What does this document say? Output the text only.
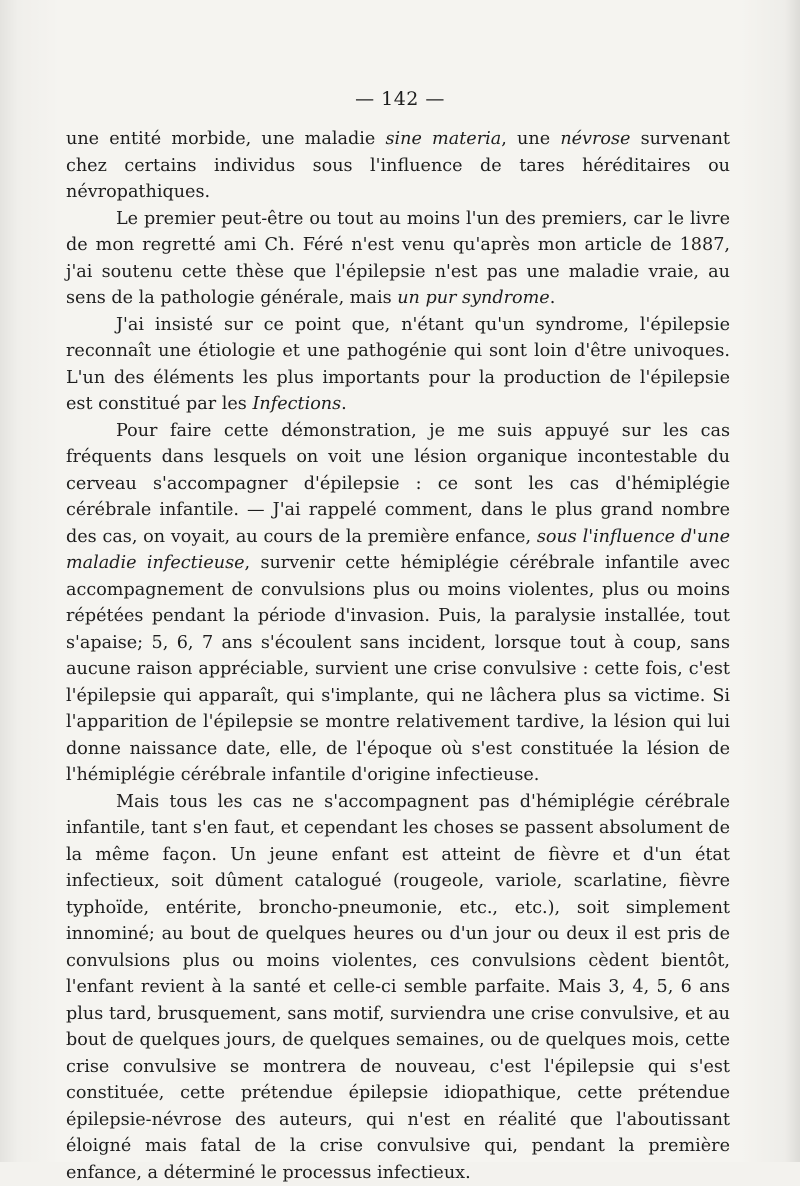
— 142 —

une entité morbide, une maladie sine materia, une névrose survenant chez certains individus sous l'influence de tares héréditaires ou névropathiques.

Le premier peut-être ou tout au moins l'un des premiers, car le livre de mon regretté ami Ch. Féré n'est venu qu'après mon article de 1887, j'ai soutenu cette thèse que l'épilepsie n'est pas une maladie vraie, au sens de la pathologie générale, mais un pur syndrome.

J'ai insisté sur ce point que, n'étant qu'un syndrome, l'épilepsie reconnaît une étiologie et une pathogénie qui sont loin d'être univoques. L'un des éléments les plus importants pour la production de l'épilepsie est constitué par les Infections.

Pour faire cette démonstration, je me suis appuyé sur les cas fréquents dans lesquels on voit une lésion organique incontestable du cerveau s'accompagner d'épilepsie : ce sont les cas d'hémiplégie cérébrale infantile. — J'ai rappelé comment, dans le plus grand nombre des cas, on voyait, au cours de la première enfance, sous l'influence d'une maladie infectieuse, survenir cette hémiplégie cérébrale infantile avec accompagnement de convulsions plus ou moins violentes, plus ou moins répétées pendant la période d'invasion. Puis, la paralysie installée, tout s'apaise; 5, 6, 7 ans s'écoulent sans incident, lorsque tout à coup, sans aucune raison appréciable, survient une crise convulsive : cette fois, c'est l'épilepsie qui apparaît, qui s'implante, qui ne lâchera plus sa victime. Si l'apparition de l'épilepsie se montre relativement tardive, la lésion qui lui donne naissance date, elle, de l'époque où s'est constituée la lésion de l'hémiplégie cérébrale infantile d'origine infectieuse.

Mais tous les cas ne s'accompagnent pas d'hémiplégie cérébrale infantile, tant s'en faut, et cependant les choses se passent absolument de la même façon. Un jeune enfant est atteint de fièvre et d'un état infectieux, soit dûment catalogué (rougeole, variole, scarlatine, fièvre typhoïde, entérite, broncho-pneumonie, etc., etc.), soit simplement innominé; au bout de quelques heures ou d'un jour ou deux il est pris de convulsions plus ou moins violentes, ces convulsions cèdent bientôt, l'enfant revient à la santé et celle-ci semble parfaite. Mais 3, 4, 5, 6 ans plus tard, brusquement, sans motif, surviendra une crise convulsive, et au bout de quelques jours, de quelques semaines, ou de quelques mois, cette crise convulsive se montrera de nouveau, c'est l'épilepsie qui s'est constituée, cette prétendue épilepsie idiopathique, cette prétendue épilepsie-névrose des auteurs, qui n'est en réalité que l'aboutissant éloigné mais fatal de la crise convulsive qui, pendant la première enfance, a déterminé le processus infectieux.
